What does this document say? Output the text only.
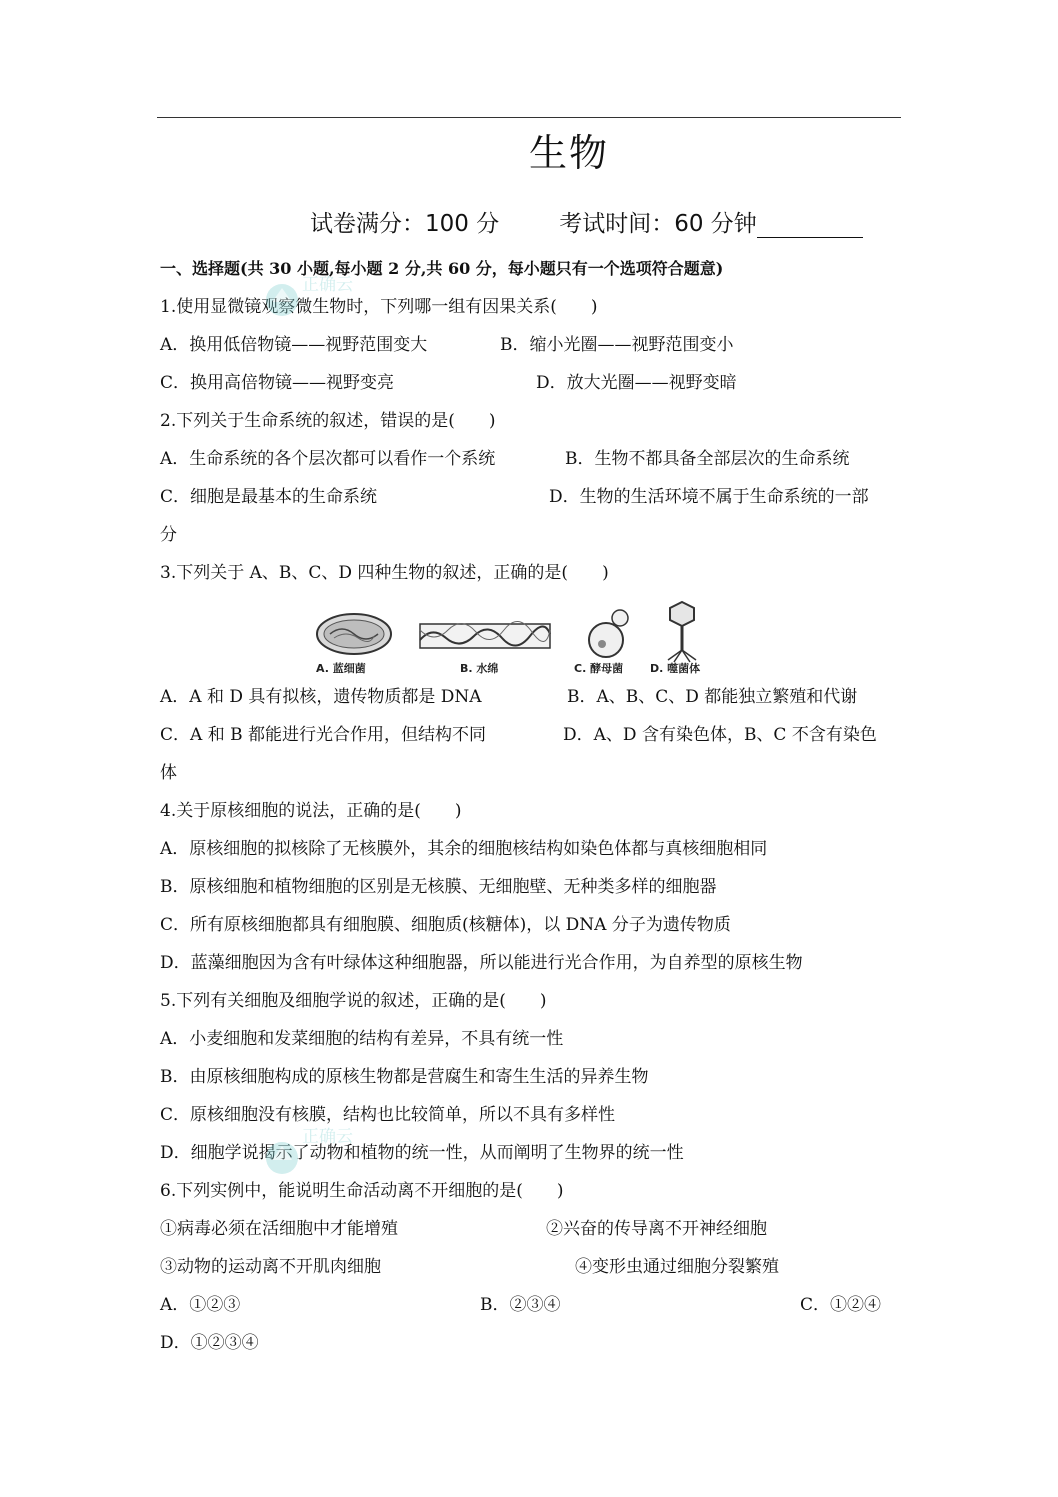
生物
试卷满分：100 分	考试时间：60 分钟
一、选择题(共 30 小题,每小题 2 分,共 60 分，每小题只有一个选项符合题意)
1.使用显微镜观察微生物时，下列哪一组有因果关系(　　)
A．换用低倍物镜——视野范围变大	B．缩小光圈——视野范围变小
C．换用高倍物镜——视野变亮	D．放大光圈——视野变暗
2.下列关于生命系统的叙述，错误的是(　　)
A．生命系统的各个层次都可以看作一个系统	B．生物不都具备全部层次的生命系统
C．细胞是最基本的生命系统	D．生物的生活环境不属于生命系统的一部
分
3.下列关于 A、B、C、D 四种生物的叙述，正确的是(　　)
A. 蓝细菌	B. 水绵	C. 酵母菌 D. 噬菌体
A．A 和 D 具有拟核，遗传物质都是 DNA	B．A、B、C、D 都能独立繁殖和代谢
C．A 和 B 都能进行光合作用，但结构不同	D．A、D 含有染色体，B、C 不含有染色
体
4.关于原核细胞的说法，正确的是(　　)
A．原核细胞的拟核除了无核膜外，其余的细胞核结构如染色体都与真核细胞相同
B．原核细胞和植物细胞的区别是无核膜、无细胞壁、无种类多样的细胞器
C．所有原核细胞都具有细胞膜、细胞质(核糖体)，以 DNA 分子为遗传物质
D．蓝藻细胞因为含有叶绿体这种细胞器，所以能进行光合作用，为自养型的原核生物
5.下列有关细胞及细胞学说的叙述，正确的是(　　)
A．小麦细胞和发菜细胞的结构有差异，不具有统一性
B．由原核细胞构成的原核生物都是营腐生和寄生生活的异养生物
C．原核细胞没有核膜，结构也比较简单，所以不具有多样性
D．细胞学说揭示了动物和植物的统一性，从而阐明了生物界的统一性
6.下列实例中，能说明生命活动离不开细胞的是(　　)
①病毒必须在活细胞中才能增殖	②兴奋的传导离不开神经细胞
③动物的运动离不开肌肉细胞	④变形虫通过细胞分裂繁殖
A．①②③	B．②③④	C．①②④
D．①②③④
正确云
正确云
